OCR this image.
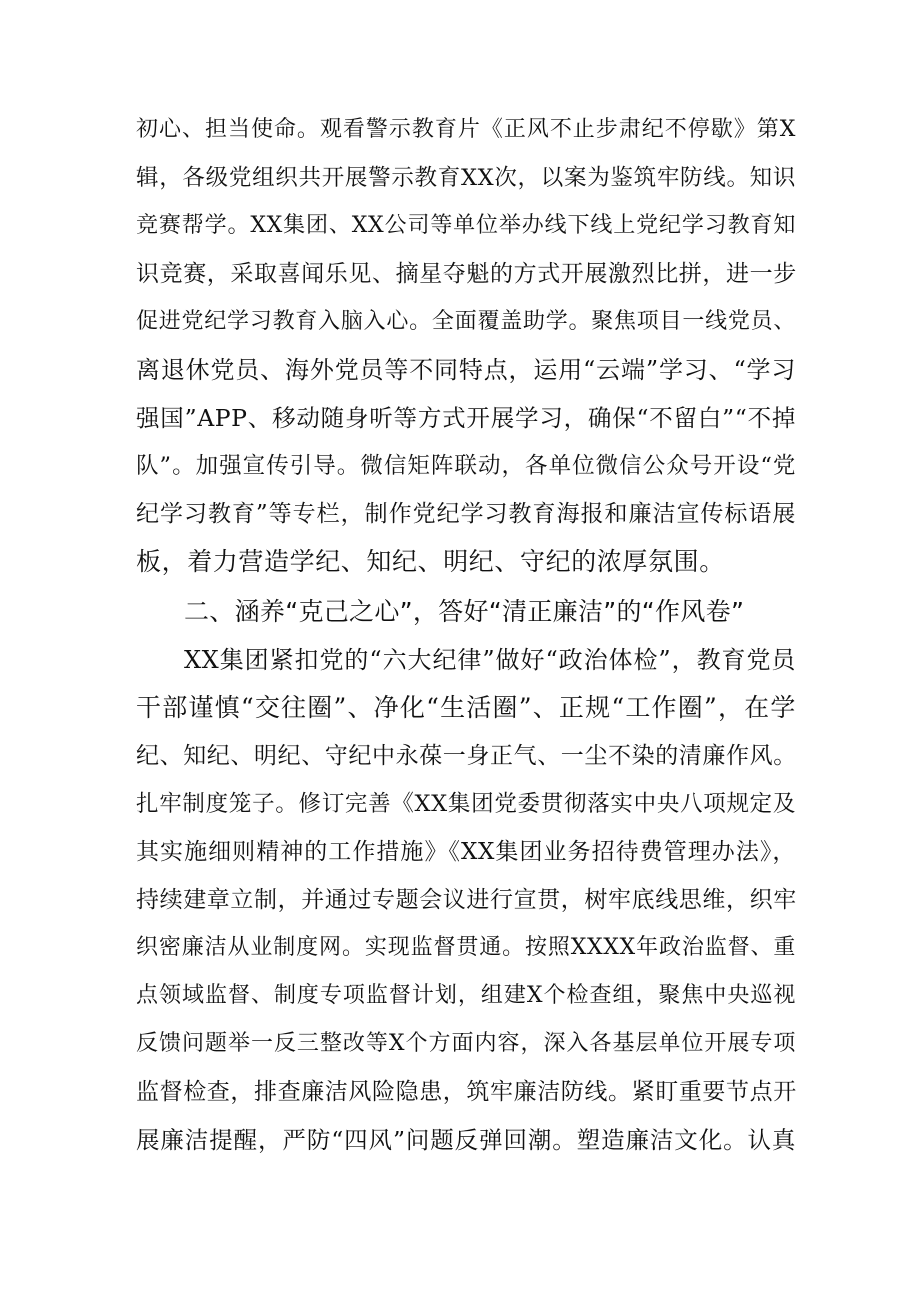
初心、担当使命。观看警示教育片《正风不止步肃纪不停歇》第X
辑，各级党组织共开展警示教育XX次，以案为鉴筑牢防线。知识
竞赛帮学。XX集团、XX公司等单位举办线下线上党纪学习教育知
识竞赛，采取喜闻乐见、摘星夺魁的方式开展激烈比拼，进一步
促进党纪学习教育入脑入心。全面覆盖助学。聚焦项目一线党员、
离退休党员、海外党员等不同特点，运用“云端”学习、“学习
强国”APP、移动随身听等方式开展学习，确保“不留白”“不掉
队”。加强宣传引导。微信矩阵联动，各单位微信公众号开设“党
纪学习教育”等专栏，制作党纪学习教育海报和廉洁宣传标语展
板，着力营造学纪、知纪、明纪、守纪的浓厚氛围。
二、涵养“克己之心”，答好“清正廉洁”的“作风卷”
XX集团紧扣党的“六大纪律”做好“政治体检”，教育党员
干部谨慎“交往圈”、净化“生活圈”、正规“工作圈”，在学
纪、知纪、明纪、守纪中永葆一身正气、一尘不染的清廉作风。
扎牢制度笼子。修订完善《XX集团党委贯彻落实中央八项规定及
其实施细则精神的工作措施》《XX集团业务招待费管理办法》，
持续建章立制，并通过专题会议进行宣贯，树牢底线思维，织牢
织密廉洁从业制度网。实现监督贯通。按照XXXX年政治监督、重
点领域监督、制度专项监督计划，组建X个检查组，聚焦中央巡视
反馈问题举一反三整改等X个方面内容，深入各基层单位开展专项
监督检查，排查廉洁风险隐患，筑牢廉洁防线。紧盯重要节点开
展廉洁提醒，严防“四风”问题反弹回潮。塑造廉洁文化。认真
